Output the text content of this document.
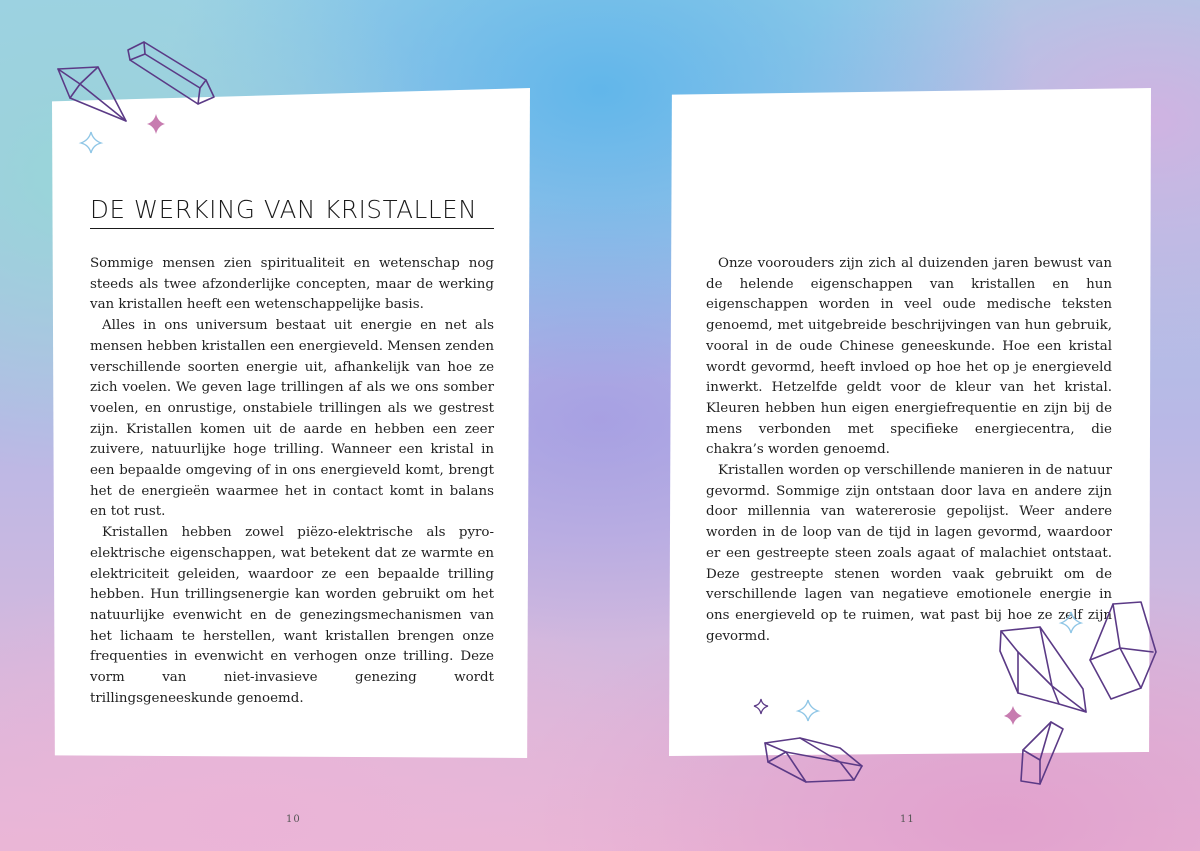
DE WERKING VAN KRISTALLEN

Sommige mensen zien spiritualiteit en wetenschap nog steeds als twee afzonderlijke concepten, maar de werking van kristallen heeft een wetenschappelijke basis.

Alles in ons universum bestaat uit energie en net als mensen hebben kristallen een energieveld. Mensen zenden verschillende soorten energie uit, afhankelijk van hoe ze zich voelen. We geven lage trillingen af als we ons somber voelen, en onrustige, onstabiele trillingen als we gestrest zijn. Kristallen komen uit de aarde en hebben een zeer zuivere, natuurlijke hoge trilling. Wanneer een kristal in een bepaalde omgeving of in ons energieveld komt, brengt het de energieën waarmee het in contact komt in balans en tot rust.

Kristallen hebben zowel piëzo-elektrische als pyro-elektrische eigenschappen, wat betekent dat ze warmte en elektriciteit geleiden, waardoor ze een bepaalde trilling hebben. Hun trillingsenergie kan worden gebruikt om het natuurlijke evenwicht en de genezingsmechanismen van het lichaam te herstellen, want kristallen brengen onze frequenties in evenwicht en verhogen onze trilling. Deze vorm van niet-invasieve genezing wordt trillingsgeneeskunde genoemd.

Onze voorouders zijn zich al duizenden jaren bewust van de helende eigenschappen van kristallen en hun eigenschappen worden in veel oude medische teksten genoemd, met uitgebreide beschrijvingen van hun gebruik, vooral in de oude Chinese geneeskunde. Hoe een kristal wordt gevormd, heeft invloed op hoe het op je energieveld inwerkt. Hetzelfde geldt voor de kleur van het kristal. Kleuren hebben hun eigen energiefrequentie en zijn bij de mens verbonden met specifieke energiecentra, die chakra’s worden genoemd.

Kristallen worden op verschillende manieren in de natuur gevormd. Sommige zijn ontstaan door lava en andere zijn door millennia van watererosie gepolijst. Weer andere worden in de loop van de tijd in lagen gevormd, waardoor er een gestreepte steen zoals agaat of malachiet ontstaat. Deze gestreepte stenen worden vaak gebruikt om de verschillende lagen van negatieve emotionele energie in ons energieveld op te ruimen, wat past bij hoe ze zelf zijn gevormd.

10	11
